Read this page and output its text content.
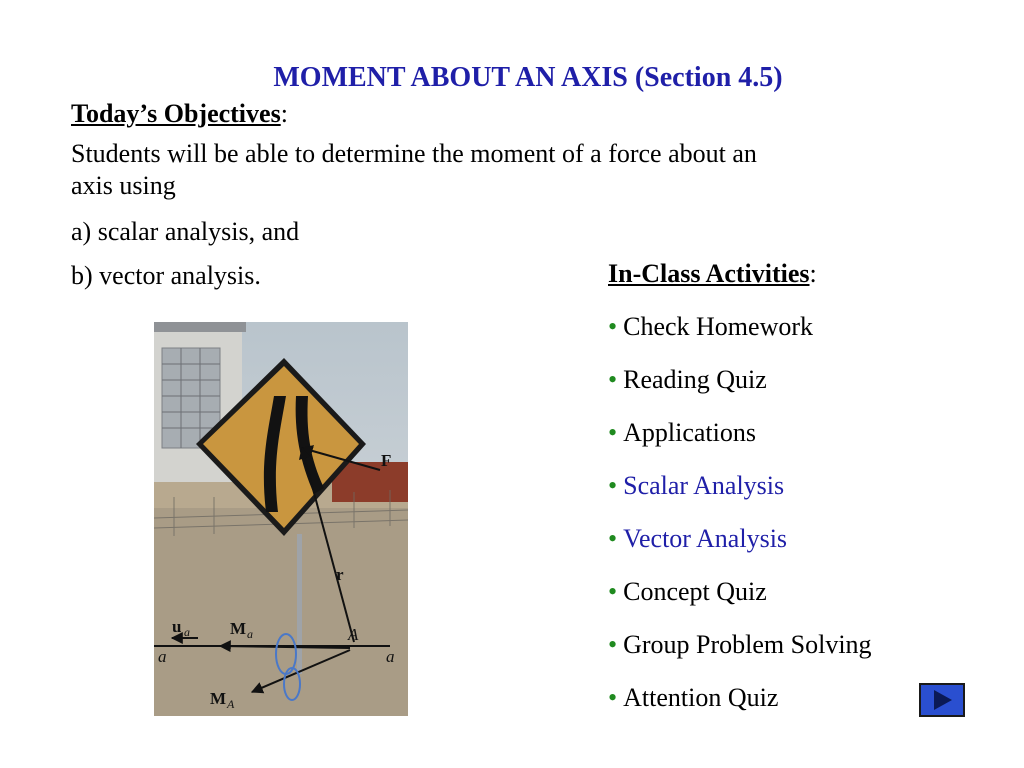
MOMENT ABOUT AN AXIS (Section 4.5)
Today’s Objectives:
Students will be able to determine the moment of a force about an axis using
a) scalar analysis, and
b) vector analysis.
F
r
A
a	a
u a M a
M A
In-Class Activities:
• Check Homework
• Reading Quiz
• Applications
• Scalar Analysis
• Vector Analysis
• Concept Quiz
• Group Problem Solving
• Attention Quiz
